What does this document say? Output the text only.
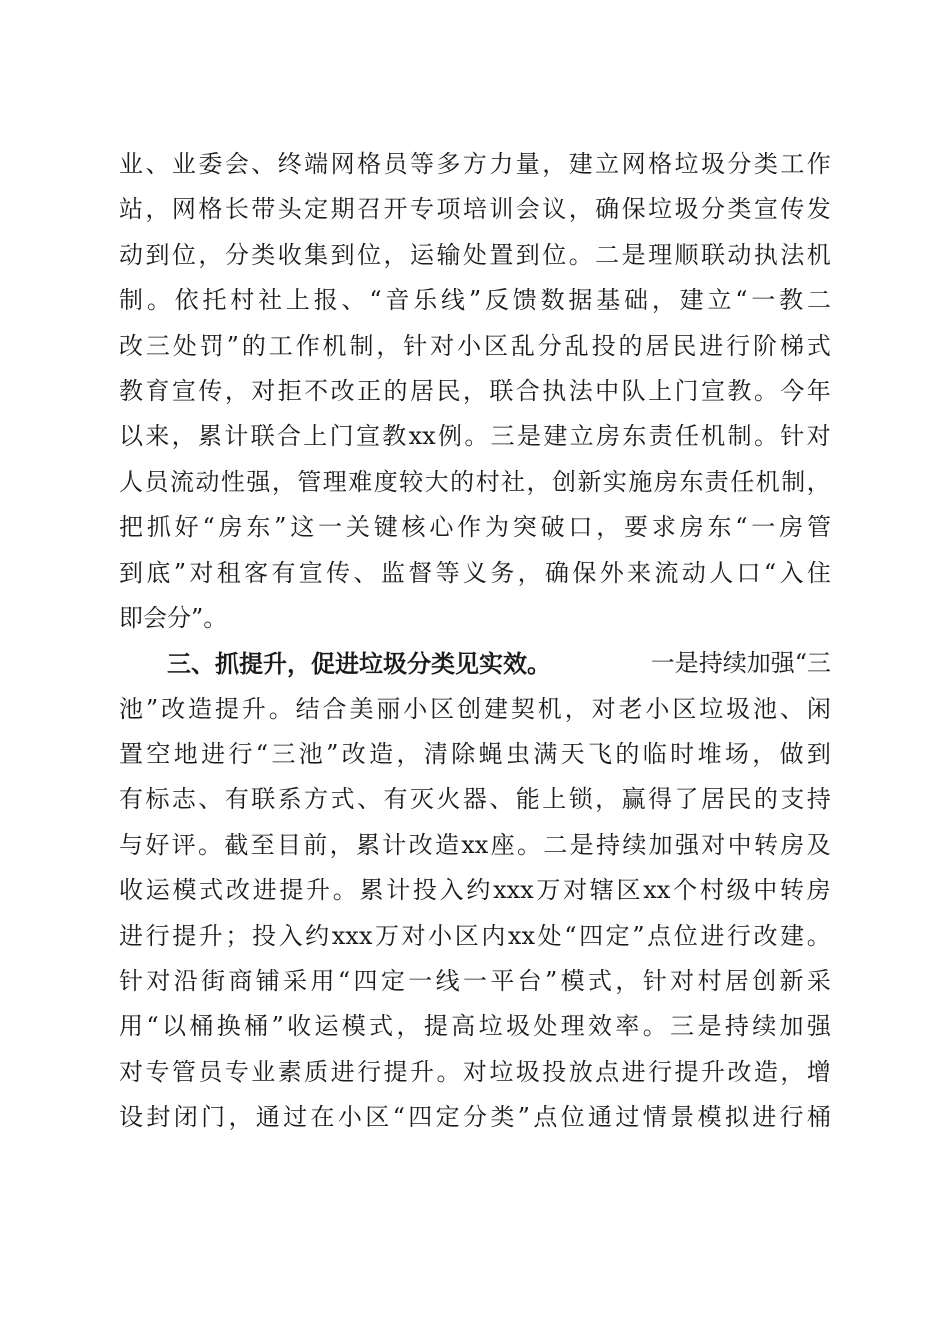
业 、 业 委 会 、 终 端 网 格 员 等 多 方 力 量 ， 建 立 网 格 垃 圾 分 类 工 作
站 ， 网 格 长 带 头 定 期 召 开 专 项 培 训 会 议 ， 确 保 垃 圾 分 类 宣 传 发
动 到 位 ， 分 类 收 集 到 位 ， 运 输 处 置 到 位 。 二 是 理 顺 联 动 执 法 机
制 。 依 托 村 社 上 报 、 “ 音 乐 线 ” 反 馈 数 据 基 础 ， 建 立 “ 一 教 二
改 三 处 罚 ” 的 工 作 机 制 ， 针 对 小 区 乱 分 乱 投 的 居 民 进 行 阶 梯 式
教 育 宣 传 ， 对 拒 不 改 正 的 居 民 ， 联 合 执 法 中 队 上 门 宣 教 。 今 年
以 来 ， 累 计 联 合 上 门 宣 教 xx 例 。 三 是 建 立 房 东 责 任 机 制 。 针 对
人 员 流 动 性 强 ， 管 理 难 度 较 大 的 村 社 ， 创 新 实 施 房 东 责 任 机 制 ，
把 抓 好 “ 房 东 ” 这 一 关 键 核 心 作 为 突 破 口 ， 要 求 房 东 “ 一 房 管
到 底 ” 对 租 客 有 宣 传 、 监 督 等 义 务 ， 确 保 外 来 流 动 人 口 “ 入 住
即会分”。
三、抓提升，促进垃圾分类见实效。	一是持续加强“三
池 ” 改 造 提 升 。 结 合 美 丽 小 区 创 建 契 机 ， 对 老 小 区 垃 圾 池 、 闲
置 空 地 进 行 “ 三 池 ” 改 造 ， 清 除 蝇 虫 满 天 飞 的 临 时 堆 场 ， 做 到
有 标 志 、 有 联 系 方 式 、 有 灭 火 器 、 能 上 锁 ， 赢 得 了 居 民 的 支 持
与 好 评 。 截 至 目 前 ， 累 计 改 造 xx 座 。 二 是 持 续 加 强 对 中 转 房 及
收 运 模 式 改 进 提 升 。 累 计 投 入 约 xxx 万 对 辖 区 xx 个 村 级 中 转 房
进 行 提 升 ； 投 入 约 xxx 万 对 小 区 内 xx 处 “ 四 定 ” 点 位 进 行 改 建 。
针 对 沿 街 商 铺 采 用 “ 四 定 一 线 一 平 台 ” 模 式 ， 针 对 村 居 创 新 采
用 “ 以 桶 换 桶 ” 收 运 模 式 ， 提 高 垃 圾 处 理 效 率 。 三 是 持 续 加 强
对 专 管 员 专 业 素 质 进 行 提 升 。 对 垃 圾 投 放 点 进 行 提 升 改 造 ， 增
设 封 闭 门 ， 通 过 在 小 区 “ 四 定 分 类 ” 点 位 通 过 情 景 模 拟 进 行 桶
